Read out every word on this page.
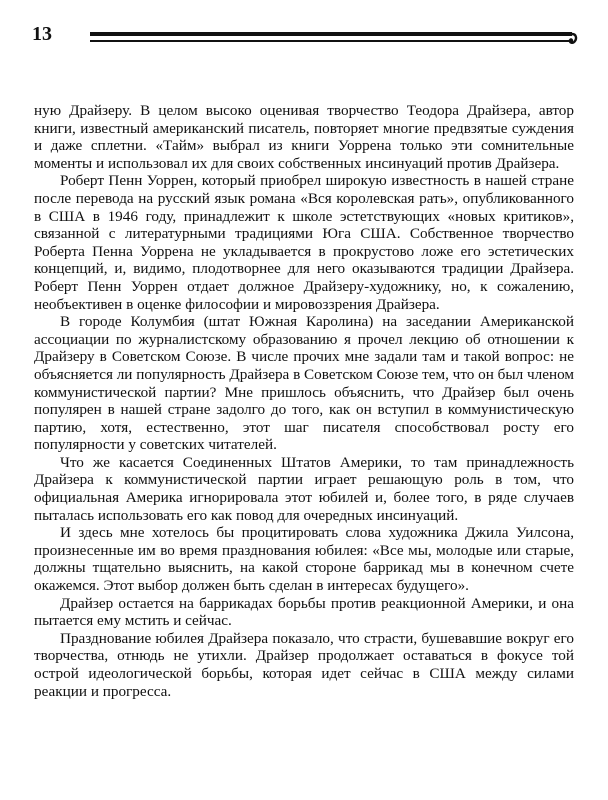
13

ную Драйзеру. В целом высоко оценивая творчество Теодора Драйзера, автор книги, известный американский писатель, повторяет многие предвзятые суждения и даже сплетни. «Тайм» выбрал из книги Уоррена только эти сомнительные моменты и использовал их для своих собственных инсинуаций против Драйзера.

Роберт Пенн Уоррен, который приобрел широкую известность в нашей стране после перевода на русский язык романа «Вся королевская рать», опубликованного в США в 1946 году, принадлежит к школе эстетствующих «новых критиков», связанной с литературными традициями Юга США. Собственное творчество Роберта Пенна Уоррена не укладывается в прокрустово ложе его эстетических концепций, и, видимо, плодотворнее для него оказываются традиции Драйзера. Роберт Пенн Уоррен отдает должное Драйзеру-художнику, но, к сожалению, необъективен в оценке философии и мировоззрения Драйзера.

В городе Колумбия (штат Южная Каролина) на заседании Американской ассоциации по журналистскому образованию я прочел лекцию об отношении к Драйзеру в Советском Союзе. В числе прочих мне задали там и такой вопрос: не объясняется ли популярность Драйзера в Советском Союзе тем, что он был членом коммунистической партии? Мне пришлось объяснить, что Драйзер был очень популярен в нашей стране задолго до того, как он вступил в коммунистическую партию, хотя, естественно, этот шаг писателя способствовал росту его популярности у советских читателей.

Что же касается Соединенных Штатов Америки, то там принадлежность Драйзера к коммунистической партии играет решающую роль в том, что официальная Америка игнорировала этот юбилей и, более того, в ряде случаев пыталась использовать его как повод для очередных инсинуаций.

И здесь мне хотелось бы процитировать слова художника Джила Уилсона, произнесенные им во время празднования юбилея: «Все мы, молодые или старые, должны тщательно выяснить, на какой стороне баррикад мы в конечном счете окажемся. Этот выбор должен быть сделан в интересах будущего».

Драйзер остается на баррикадах борьбы против реакционной Америки, и она пытается ему мстить и сейчас.

Празднование юбилея Драйзера показало, что страсти, бушевавшие вокруг его творчества, отнюдь не утихли. Драйзер продолжает оставаться в фокусе той острой идеологической борьбы, которая идет сейчас в США между силами реакции и прогресса.
